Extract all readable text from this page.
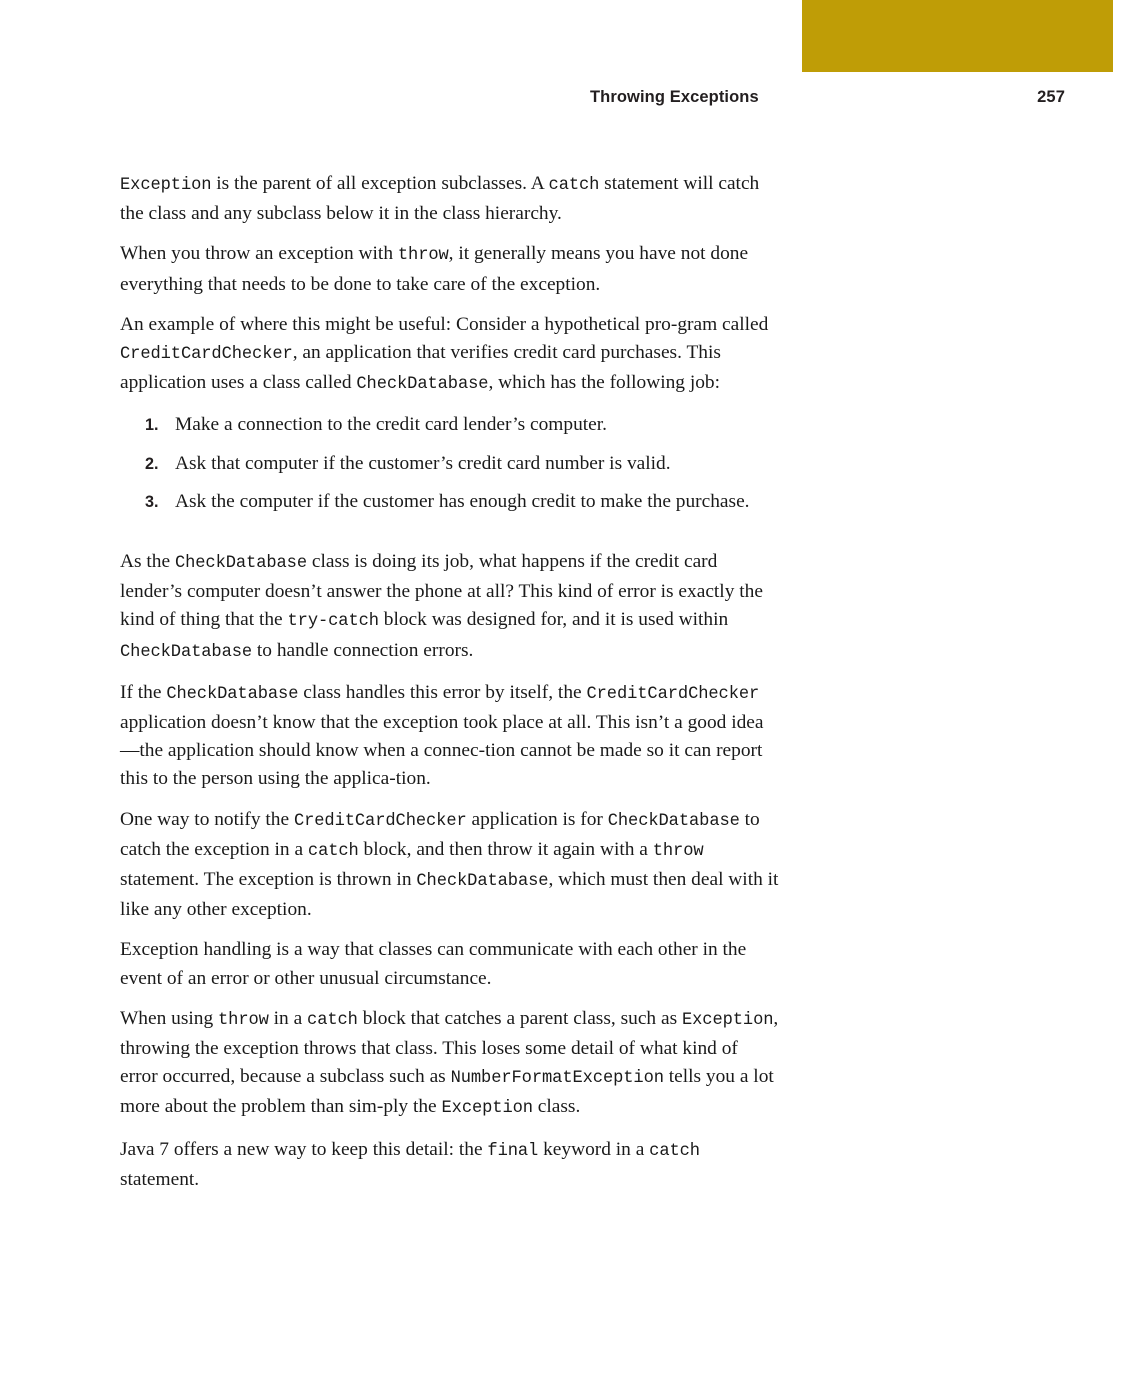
Throwing Exceptions	257

Exception is the parent of all exception subclasses. A catch statement will catch the class and any subclass below it in the class hierarchy.

When you throw an exception with throw, it generally means you have not done everything that needs to be done to take care of the exception.

An example of where this might be useful: Consider a hypothetical pro-gram called CreditCardChecker, an application that verifies credit card purchases. This application uses a class called CheckDatabase, which has the following job:

1. Make a connection to the credit card lender’s computer.
2. Ask that computer if the customer’s credit card number is valid.
3. Ask the computer if the customer has enough credit to make the purchase.

As the CheckDatabase class is doing its job, what happens if the credit card lender’s computer doesn’t answer the phone at all? This kind of error is exactly the kind of thing that the try-catch block was designed for, and it is used within CheckDatabase to handle connection errors.

If the CheckDatabase class handles this error by itself, the CreditCardChecker application doesn’t know that the exception took place at all. This isn’t a good idea—the application should know when a connec-tion cannot be made so it can report this to the person using the applica-tion.

One way to notify the CreditCardChecker application is for CheckDatabase to catch the exception in a catch block, and then throw it again with a throw statement. The exception is thrown in CheckDatabase, which must then deal with it like any other exception.

Exception handling is a way that classes can communicate with each other in the event of an error or other unusual circumstance.

When using throw in a catch block that catches a parent class, such as Exception, throwing the exception throws that class. This loses some detail of what kind of error occurred, because a subclass such as NumberFormatException tells you a lot more about the problem than sim-ply the Exception class.

Java 7 offers a new way to keep this detail: the final keyword in a catch statement.
